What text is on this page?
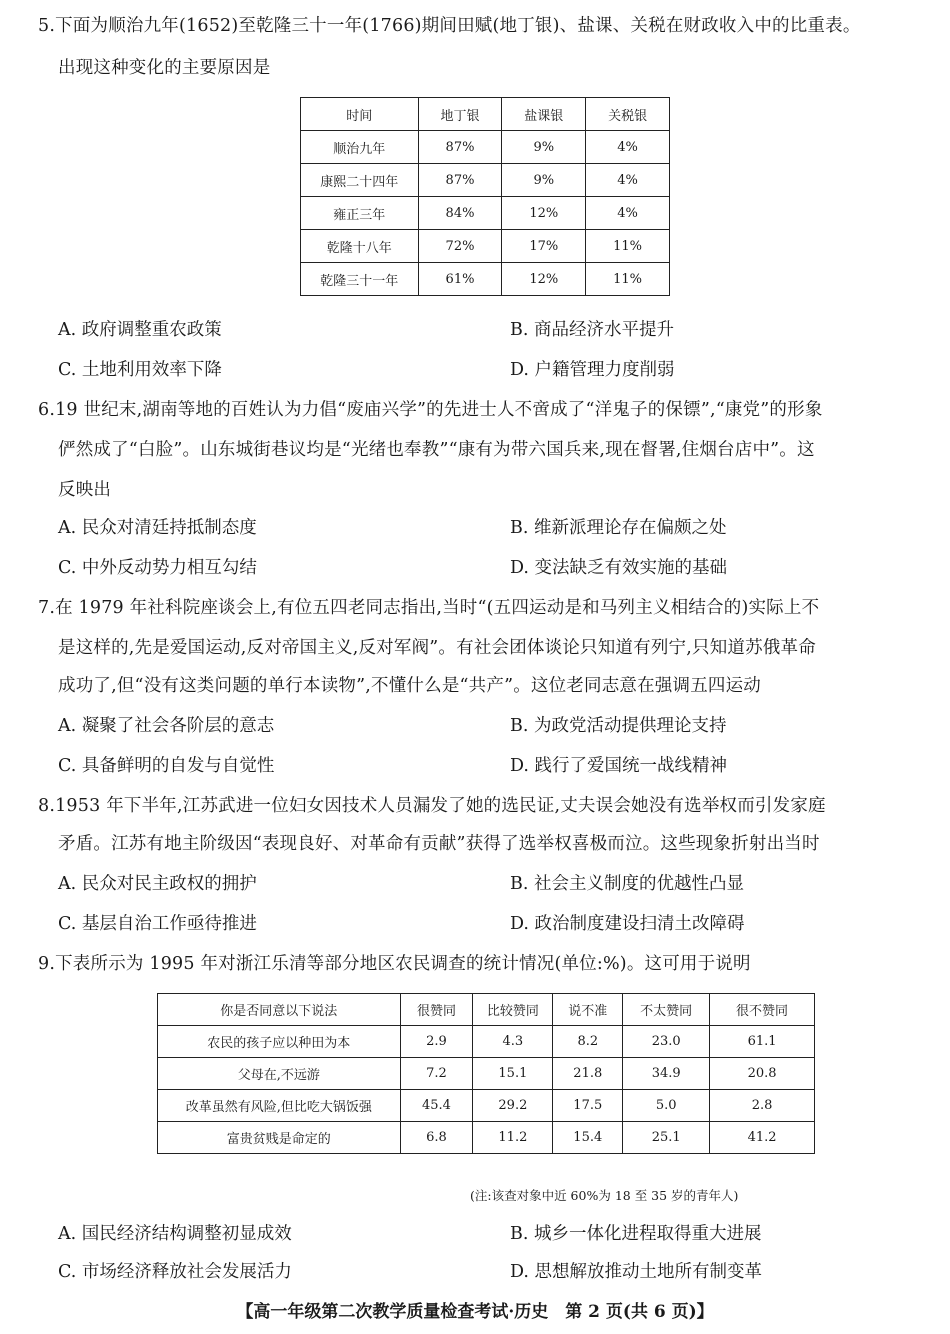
5.下面为顺治九年(1652)至乾隆三十一年(1766)期间田赋(地丁银)、盐课、关税在财政收入中的比重表。
出现这种变化的主要原因是
时间	地丁银	盐课银	关税银
顺治九年	87%	9%	4%
康熙二十四年	87%	9%	4%
雍正三年	84%	12%	4%
乾隆十八年	72%	17%	11%
乾隆三十一年	61%	12%	11%
A. 政府调整重农政策	B. 商品经济水平提升
C. 土地利用效率下降	D. 户籍管理力度削弱
6.19 世纪末,湖南等地的百姓认为力倡“废庙兴学”的先进士人不啻成了“洋鬼子的保镖”,“康党”的形象
俨然成了“白脸”。山东城街巷议均是“光绪也奉教”“康有为带六国兵来,现在督署,住烟台店中”。这
反映出
A. 民众对清廷持抵制态度	B. 维新派理论存在偏颇之处
C. 中外反动势力相互勾结	D. 变法缺乏有效实施的基础
7.在 1979 年社科院座谈会上,有位五四老同志指出,当时“(五四运动是和马列主义相结合的)实际上不
是这样的,先是爱国运动,反对帝国主义,反对军阀”。有社会团体谈论只知道有列宁,只知道苏俄革命
成功了,但“没有这类问题的单行本读物”,不懂什么是“共产”。这位老同志意在强调五四运动
A. 凝聚了社会各阶层的意志	B. 为政党活动提供理论支持
C. 具备鲜明的自发与自觉性	D. 践行了爱国统一战线精神
8.1953 年下半年,江苏武进一位妇女因技术人员漏发了她的选民证,丈夫误会她没有选举权而引发家庭
矛盾。江苏有地主阶级因“表现良好、对革命有贡献”获得了选举权喜极而泣。这些现象折射出当时
A. 民众对民主政权的拥护	B. 社会主义制度的优越性凸显
C. 基层自治工作亟待推进	D. 政治制度建设扫清土改障碍
9.下表所示为 1995 年对浙江乐清等部分地区农民调查的统计情况(单位:%)。这可用于说明
你是否同意以下说法	很赞同	比较赞同	说不准	不太赞同	很不赞同
农民的孩子应以种田为本	2.9	4.3	8.2	23.0	61.1
父母在,不远游	7.2	15.1	21.8	34.9	20.8
改革虽然有风险,但比吃大锅饭强	45.4	29.2	17.5	5.0	2.8
富贵贫贱是命定的	6.8	11.2	15.4	25.1	41.2
(注:该查对象中近 60%为 18 至 35 岁的青年人)
A. 国民经济结构调整初显成效	B. 城乡一体化进程取得重大进展
C. 市场经济释放社会发展活力	D. 思想解放推动土地所有制变革
【高一年级第二次教学质量检查考试·历史　第 2 页(共 6 页)】
